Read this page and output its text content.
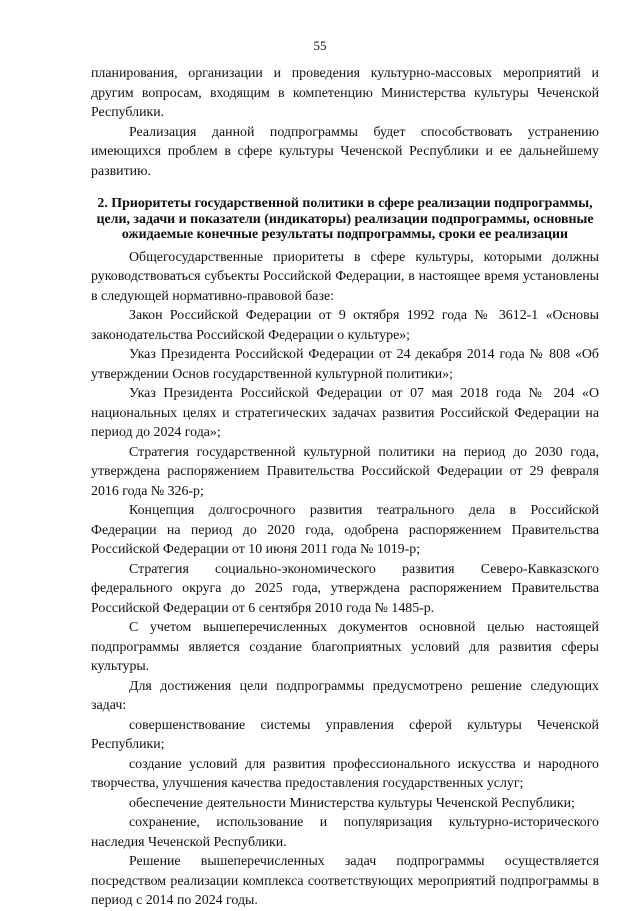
55

планирования, организации и проведения культурно-массовых мероприятий и другим вопросам, входящим в компетенцию Министерства культуры Чеченской Республики.

Реализация данной подпрограммы будет способствовать устранению имеющихся проблем в сфере культуры Чеченской Республики и ее дальнейшему развитию.

2. Приоритеты государственной политики в сфере реализации подпрограммы, цели, задачи и показатели (индикаторы) реализации подпрограммы, основные ожидаемые конечные результаты подпрограммы, сроки ее реализации

Общегосударственные приоритеты в сфере культуры, которыми должны руководствоваться субъекты Российской Федерации, в настоящее время установлены в следующей нормативно-правовой базе:

Закон Российской Федерации от 9 октября 1992 года № 3612-1 «Основы законодательства Российской Федерации о культуре»;

Указ Президента Российской Федерации от 24 декабря 2014 года № 808 «Об утверждении Основ государственной культурной политики»;

Указ Президента Российской Федерации от 07 мая 2018 года № 204 «О национальных целях и стратегических задачах развития Российской Федерации на период до 2024 года»;

Стратегия государственной культурной политики на период до 2030 года, утверждена распоряжением Правительства Российской Федерации от 29 февраля 2016 года № 326-р;

Концепция долгосрочного развития театрального дела в Российской Федерации на период до 2020 года, одобрена распоряжением Правительства Российской Федерации от 10 июня 2011 года № 1019-р;

Стратегия социально-экономического развития Северо-Кавказского федерального округа до 2025 года, утверждена распоряжением Правительства Российской Федерации от 6 сентября 2010 года № 1485-р.

С учетом вышеперечисленных документов основной целью настоящей подпрограммы является создание благоприятных условий для развития сферы культуры.

Для достижения цели подпрограммы предусмотрено решение следующих задач:

совершенствование системы управления сферой культуры Чеченской Республики;

создание условий для развития профессионального искусства и народного творчества, улучшения качества предоставления государственных услуг;

обеспечение деятельности Министерства культуры Чеченской Республики;

сохранение, использование и популяризация культурно-исторического наследия Чеченской Республики.

Решение вышеперечисленных задач подпрограммы осуществляется посредством реализации комплекса соответствующих мероприятий подпрограммы в период с 2014 по 2024 годы.
